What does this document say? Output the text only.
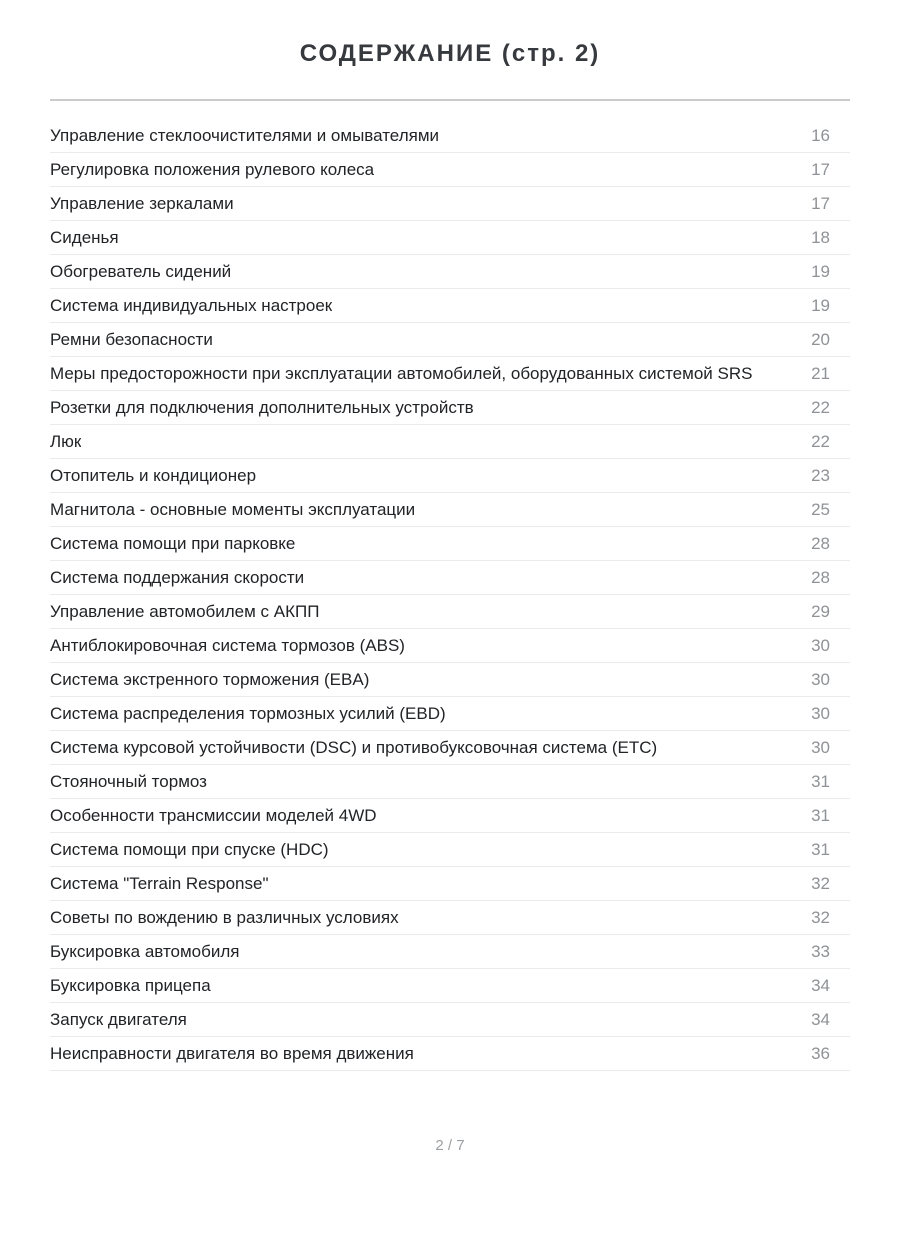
СОДЕРЖАНИЕ (стр. 2)
Управление стеклоочистителями и омывателями	16
Регулировка положения рулевого колеса	17
Управление зеркалами	17
Сиденья	18
Обогреватель сидений	19
Система индивидуальных настроек	19
Ремни безопасности	20
Меры предосторожности при эксплуатации автомобилей, оборудованных системой SRS	21
Розетки для подключения дополнительных устройств	22
Люк	22
Отопитель и кондиционер	23
Магнитола - основные моменты эксплуатации	25
Система помощи при парковке	28
Система поддержания скорости	28
Управление автомобилем с АКПП	29
Антиблокировочная система тормозов (ABS)	30
Система экстренного торможения (EBA)	30
Система распределения тормозных усилий (EBD)	30
Система курсовой устойчивости (DSC) и противобуксовочная система (ETC)	30
Стояночный тормоз	31
Особенности трансмиссии моделей 4WD	31
Система помощи при спуске (HDC)	31
Система "Terrain Response"	32
Советы по вождению в различных условиях	32
Буксировка автомобиля	33
Буксировка прицепа	34
Запуск двигателя	34
Неисправности двигателя во время движения	36
2 / 7
